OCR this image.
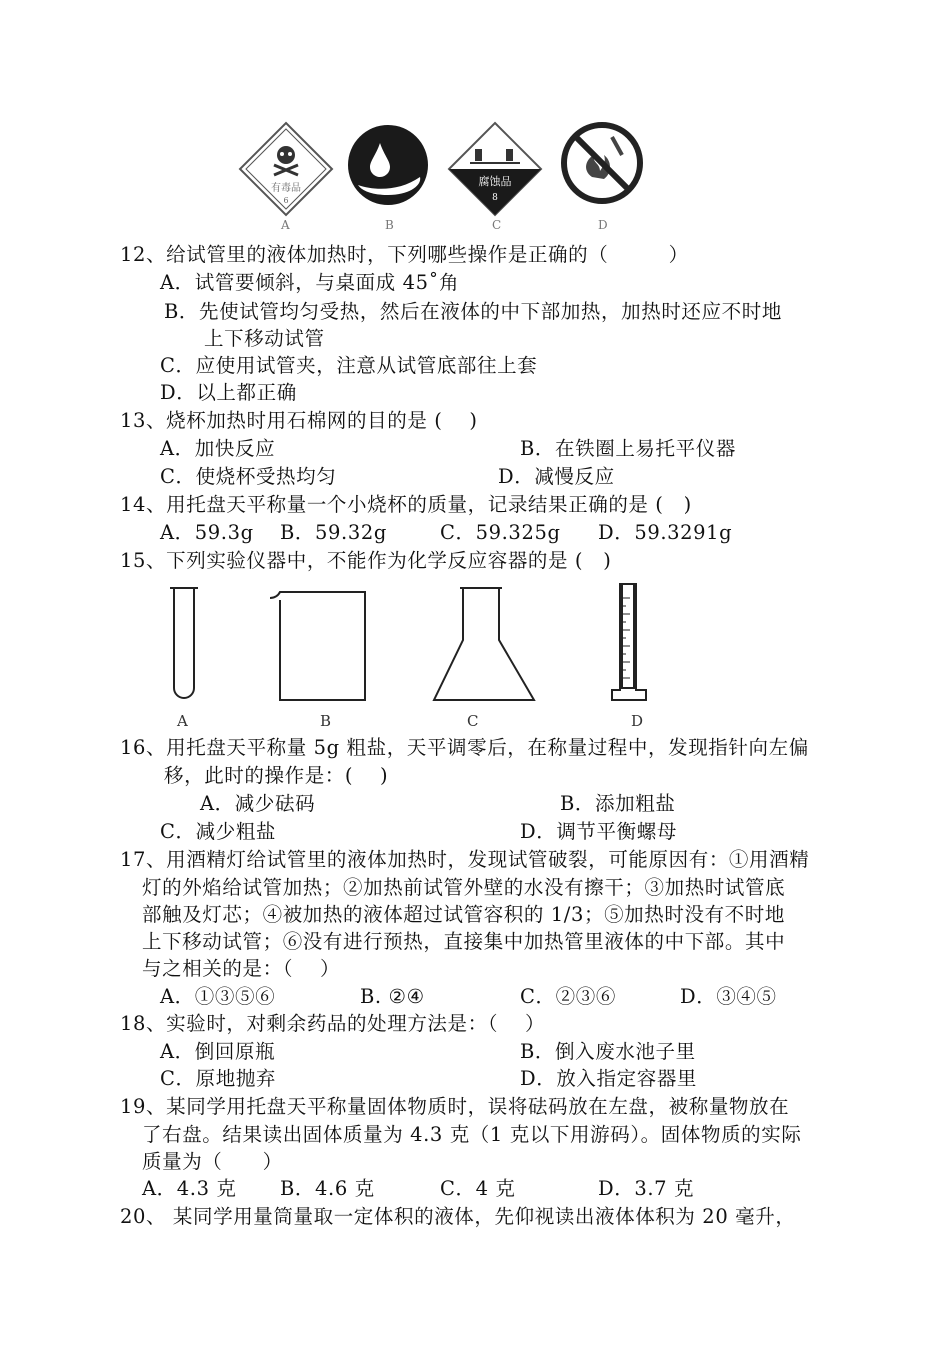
有毒品
6
腐蚀品
8
A	B	C	D
12、给试管里的液体加热时，下列哪些操作是正确的（　　　）
A．试管要倾斜，与桌面成 45˚角
B．先使试管均匀受热，然后在液体的中下部加热，加热时还应不时地
上下移动试管
C．应使用试管夹，注意从试管底部往上套
D．以上都正确
13、烧杯加热时用石棉网的目的是 (　 )
A．加快反应	B．在铁圈上易托平仪器
C．使烧杯受热均匀	D．减慢反应
14、用托盘天平称量一个小烧杯的质量，记录结果正确的是 (　)
A．59.3g B．59.32g	C．59.325g D．59.3291g
15、下列实验仪器中，不能作为化学反应容器的是 (　)
A	B	C	D
16、用托盘天平称量 5g 粗盐，天平调零后，在称量过程中，发现指针向左偏
移，此时的操作是：(　 )
A．减少砝码	B．添加粗盐
C．减少粗盐	D．调节平衡螺母
17、用酒精灯给试管里的液体加热时，发现试管破裂，可能原因有：①用酒精
灯的外焰给试管加热；②加热前试管外壁的水没有擦干；③加热时试管底
部触及灯芯；④被加热的液体超过试管容积的 1/3；⑤加热时没有不时地
上下移动试管；⑥没有进行预热，直接集中加热管里液体的中下部。其中
与之相关的是：（　 ）
A．①③⑤⑥	B. ②④	C．②③⑥	D．③④⑤
18、实验时，对剩余药品的处理方法是：（　 ）
A．倒回原瓶	B．倒入废水池子里
C．原地抛弃	D．放入指定容器里
19、某同学用托盘天平称量固体物质时，误将砝码放在左盘，被称量物放在
了右盘。结果读出固体质量为 4.3 克（1 克以下用游码）。固体物质的实际
质量为（　　）
A．4.3 克 B．4.6 克	C．4 克	D．3.7 克
20、 某同学用量筒量取一定体积的液体，先仰视读出液体体积为 20 毫升，
